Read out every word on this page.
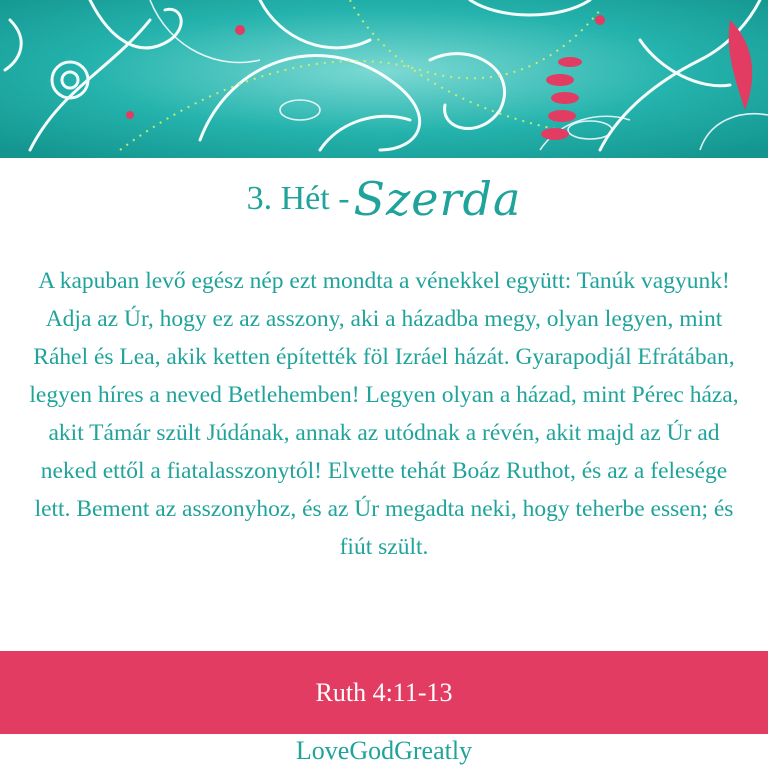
3. Hét - Szerda

A kapuban levő egész nép ezt mondta a vénekkel együtt: Tanúk vagyunk! Adja az Úr, hogy ez az asszony, aki a házadba megy, olyan legyen, mint Ráhel és Lea, akik ketten építették föl Izráel házát. Gyarapodjál Efrátában, legyen híres a neved Betlehemben! Legyen olyan a házad, mint Pérec háza, akit Támár szült Júdának, annak az utódnak a révén, akit majd az Úr ad neked ettől a fiatalasszonytól! Elvette tehát Boáz Ruthot, és az a felesége lett. Bement az asszonyhoz, és az Úr megadta neki, hogy teherbe essen; és fiút szült.

Ruth 4:11-13
LoveGodGreatly
